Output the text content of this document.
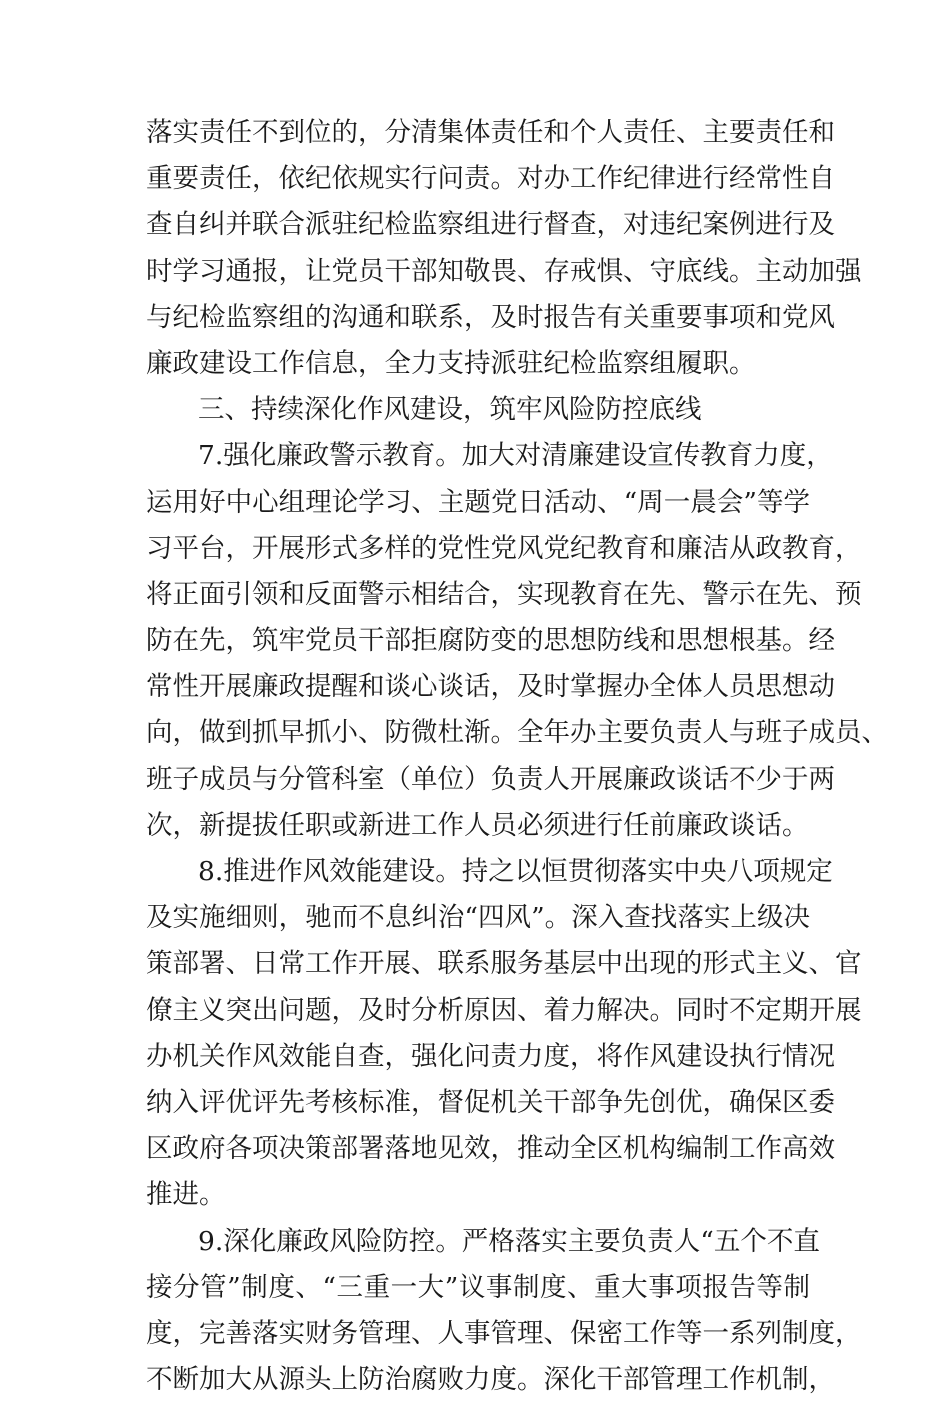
落实责任不到位的，分清集体责任和个人责任、主要责任和
重要责任，依纪依规实行问责。对办工作纪律进行经常性自
查自纠并联合派驻纪检监察组进行督查，对违纪案例进行及
时学习通报，让党员干部知敬畏、存戒惧、守底线。主动加强
与纪检监察组的沟通和联系，及时报告有关重要事项和党风
廉政建设工作信息，全力支持派驻纪检监察组履职。
三、持续深化作风建设，筑牢风险防控底线
7.强化廉政警示教育。加大对清廉建设宣传教育力度，
运用好中心组理论学习、主题党日活动、“周一晨会”等学
习平台，开展形式多样的党性党风党纪教育和廉洁从政教育，
将正面引领和反面警示相结合，实现教育在先、警示在先、预
防在先，筑牢党员干部拒腐防变的思想防线和思想根基。经
常性开展廉政提醒和谈心谈话，及时掌握办全体人员思想动
向，做到抓早抓小、防微杜渐。全年办主要负责人与班子成员、
班子成员与分管科室（单位）负责人开展廉政谈话不少于两
次，新提拔任职或新进工作人员必须进行任前廉政谈话。
8.推进作风效能建设。持之以恒贯彻落实中央八项规定
及实施细则，驰而不息纠治“四风”。深入查找落实上级决
策部署、日常工作开展、联系服务基层中出现的形式主义、官
僚主义突出问题，及时分析原因、着力解决。同时不定期开展
办机关作风效能自查，强化问责力度，将作风建设执行情况
纳入评优评先考核标准，督促机关干部争先创优，确保区委
区政府各项决策部署落地见效，推动全区机构编制工作高效
推进。
9.深化廉政风险防控。严格落实主要负责人“五个不直
接分管”制度、“三重一大”议事制度、重大事项报告等制
度，完善落实财务管理、人事管理、保密工作等一系列制度，
不断加大从源头上防治腐败力度。深化干部管理工作机制，
